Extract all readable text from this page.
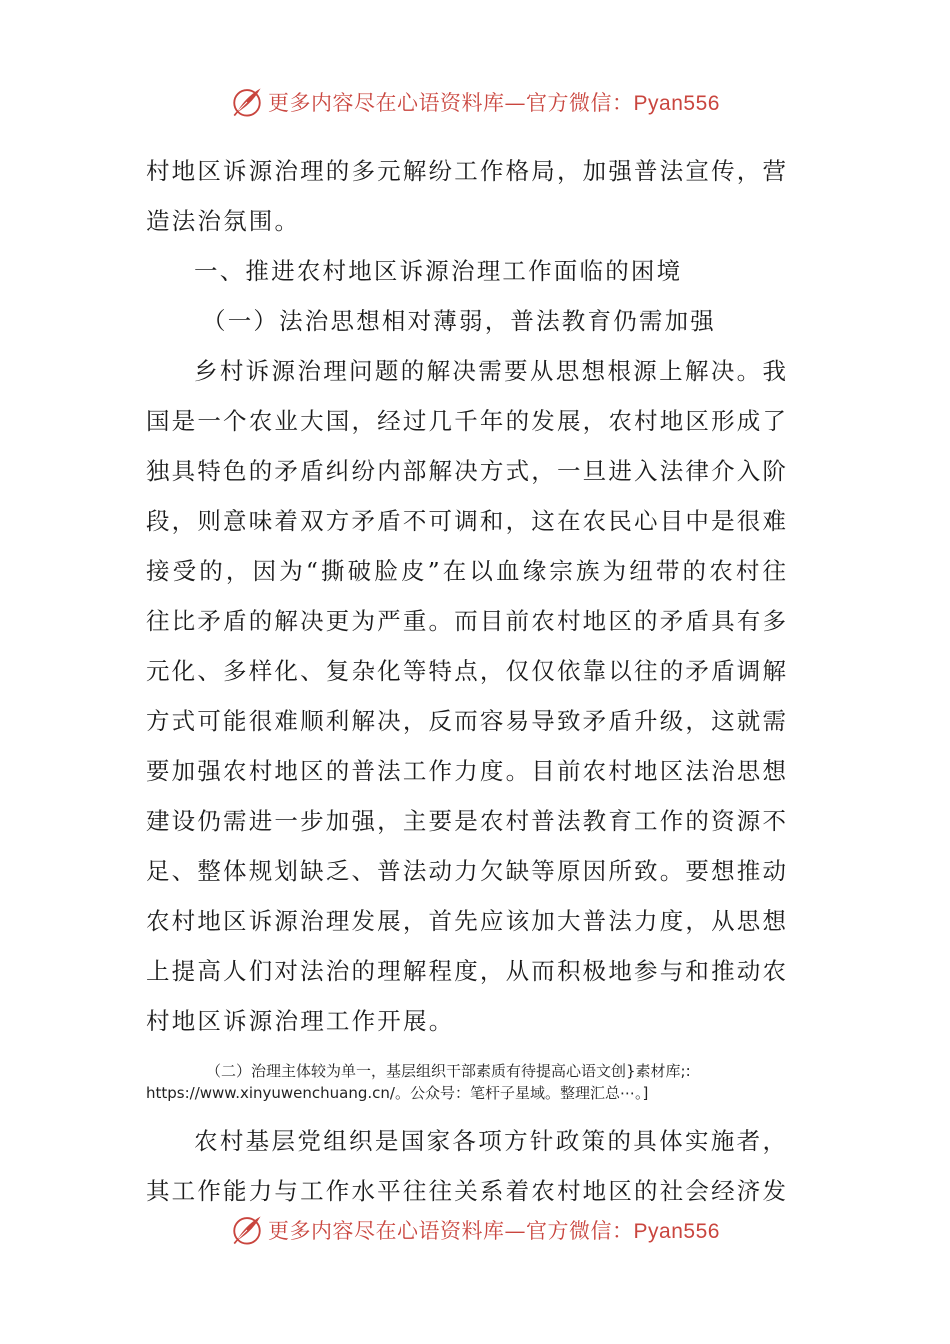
更多内容尽在心语资料库—官方微信：Pyan556
村地区诉源治理的多元解纷工作格局，加强普法宣传，营
造法治氛围。
一、推进农村地区诉源治理工作面临的困境
（一）法治思想相对薄弱，普法教育仍需加强
乡村诉源治理问题的解决需要从思想根源上解决。我
国是一个农业大国，经过几千年的发展，农村地区形成了
独具特色的矛盾纠纷内部解决方式，一旦进入法律介入阶
段，则意味着双方矛盾不可调和，这在农民心目中是很难
接受的，因为“撕破脸皮”在以血缘宗族为纽带的农村往
往比矛盾的解决更为严重。而目前农村地区的矛盾具有多
元化、多样化、复杂化等特点，仅仅依靠以往的矛盾调解
方式可能很难顺利解决，反而容易导致矛盾升级，这就需
要加强农村地区的普法工作力度。目前农村地区法治思想
建设仍需进一步加强，主要是农村普法教育工作的资源不
足、整体规划缺乏、普法动力欠缺等原因所致。要想推动
农村地区诉源治理发展，首先应该加大普法力度，从思想
上提高人们对法治的理解程度，从而积极地参与和推动农
村地区诉源治理工作开展。
（二）治理主体较为单一，基层组织干部素质有待提高心语文创}素材库;:
https://www.xinyuwenchuang.cn/。公众号：笔杆子星域。整理汇总⋯。]
农村基层党组织是国家各项方针政策的具体实施者，
其工作能力与工作水平往往关系着农村地区的社会经济发
更多内容尽在心语资料库—官方微信：Pyan556
